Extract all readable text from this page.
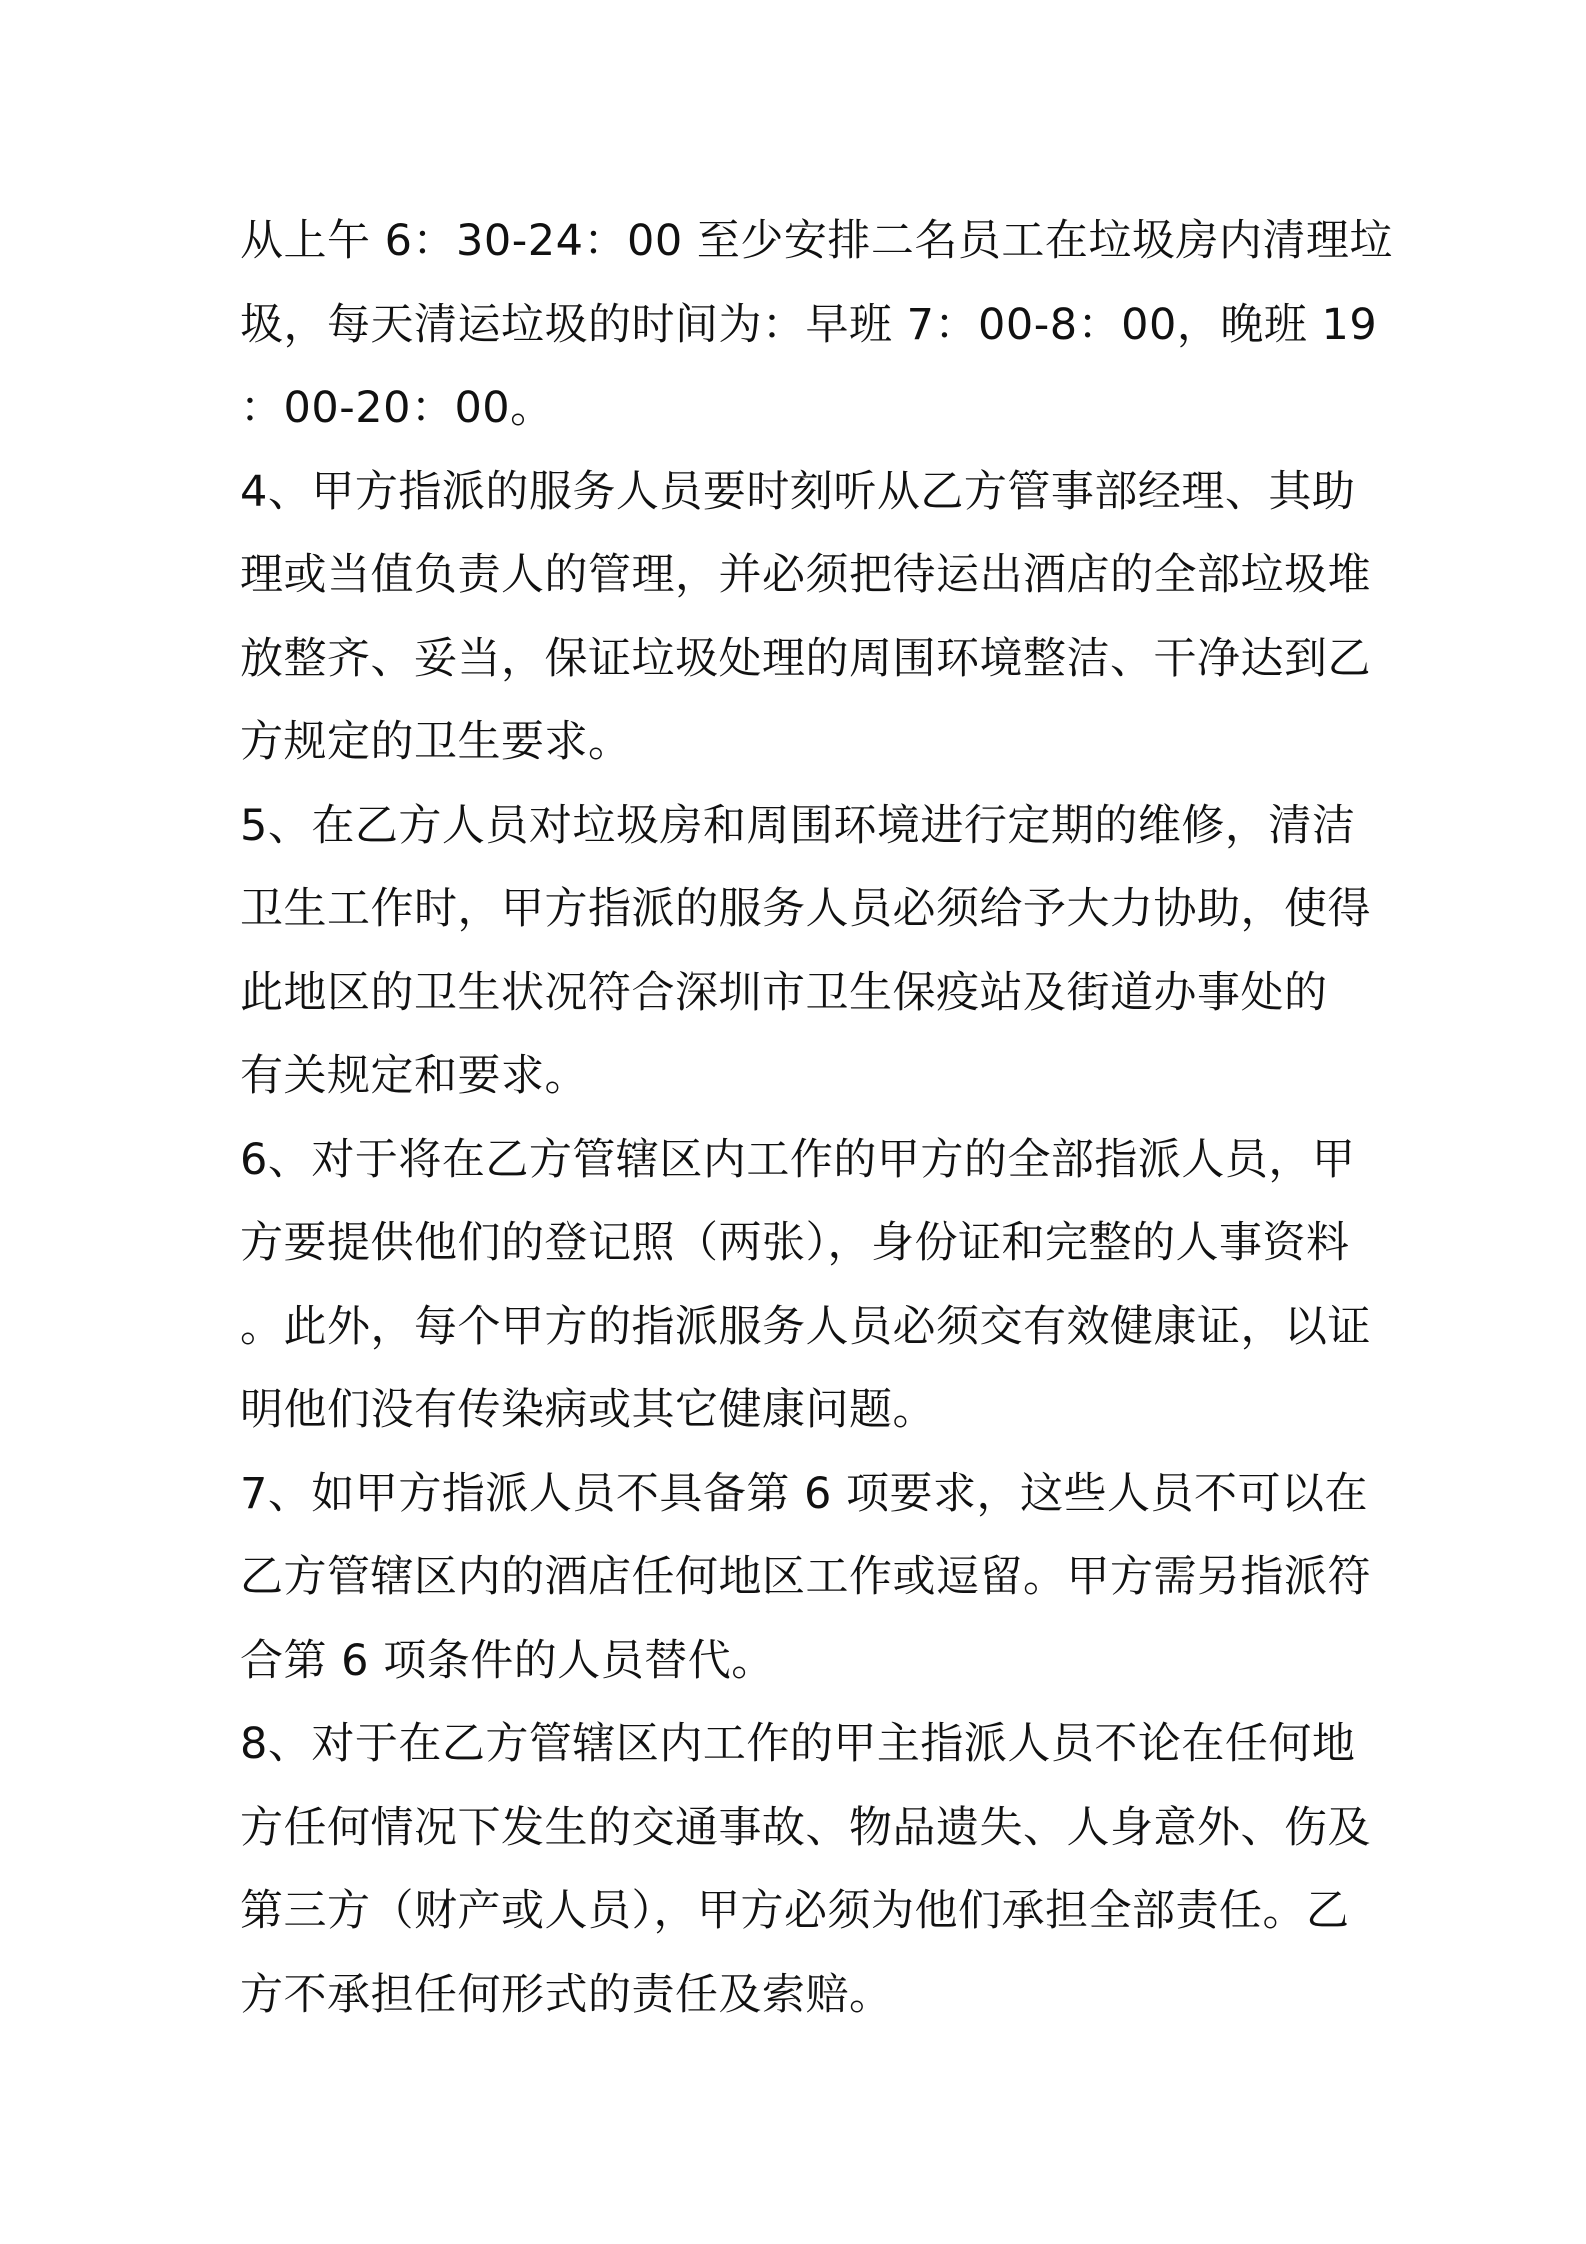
从上午 6：30-24：00 至少安排二名员工在垃圾房内清理垃
圾，每天清运垃圾的时间为：早班 7：00-8：00，晚班 19
：00-20：00。
4、甲方指派的服务人员要时刻听从乙方管事部经理、其助
理或当值负责人的管理，并必须把待运出酒店的全部垃圾堆
放整齐、妥当，保证垃圾处理的周围环境整洁、干净达到乙
方规定的卫生要求。
5、在乙方人员对垃圾房和周围环境进行定期的维修，清洁
卫生工作时，甲方指派的服务人员必须给予大力协助，使得
此地区的卫生状况符合深圳市卫生保疫站及街道办事处的
有关规定和要求。
6、对于将在乙方管辖区内工作的甲方的全部指派人员，甲
方要提供他们的登记照（两张），身份证和完整的人事资料
。此外，每个甲方的指派服务人员必须交有效健康证，以证
明他们没有传染病或其它健康问题。
7、如甲方指派人员不具备第 6 项要求，这些人员不可以在
乙方管辖区内的酒店任何地区工作或逗留。甲方需另指派符
合第 6 项条件的人员替代。
8、对于在乙方管辖区内工作的甲主指派人员不论在任何地
方任何情况下发生的交通事故、物品遗失、人身意外、伤及
第三方（财产或人员），甲方必须为他们承担全部责任。乙
方不承担任何形式的责任及索赔。
